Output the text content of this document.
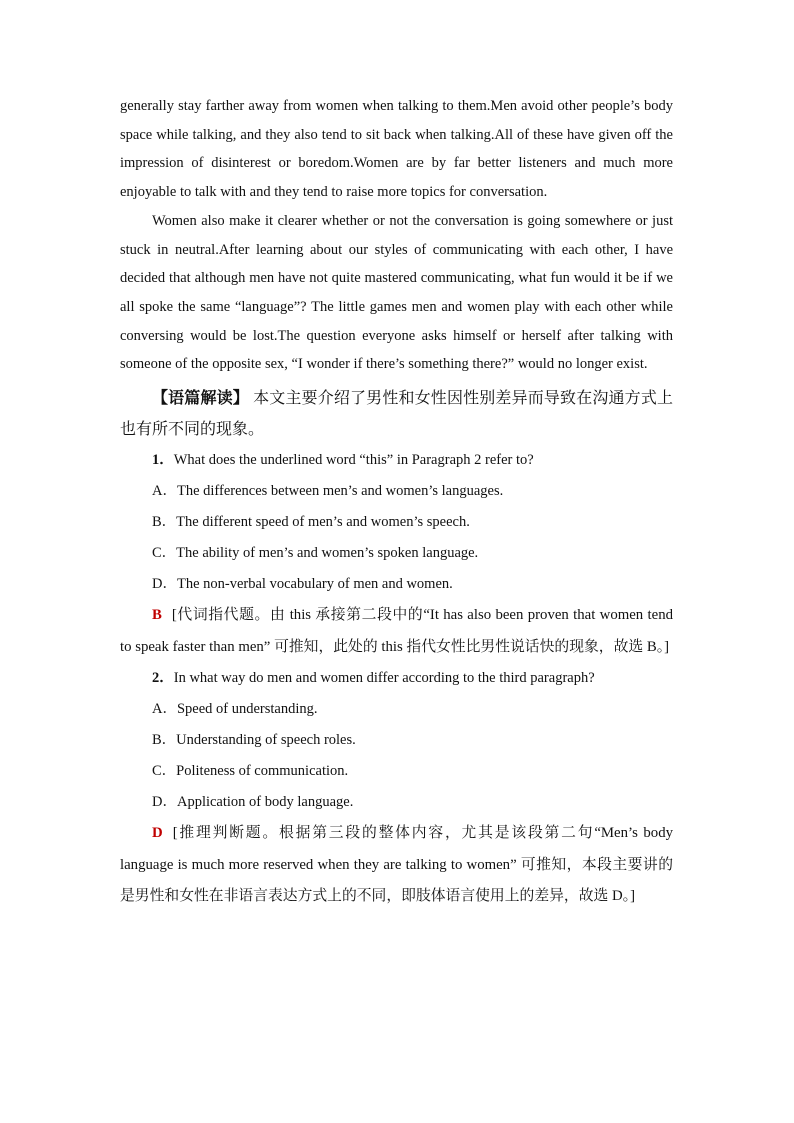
generally stay farther away from women when talking to them.Men avoid other people’s body space while talking, and they also tend to sit back when talking.All of these have given off the impression of disinterest or boredom.Women are by far better listeners and much more enjoyable to talk with and they tend to raise more topics for conversation.

Women also make it clearer whether or not the conversation is going somewhere or just stuck in neutral.After learning about our styles of communicating with each other, I have decided that although men have not quite mastered communicating, what fun would it be if we all spoke the same “language”? The little games men and women play with each other while conversing would be lost.The question everyone asks himself or herself after talking with someone of the opposite sex, “I wonder if there’s something there?” would no longer exist.

【语篇解读】 本文主要介绍了男性和女性因性别差异而导致在沟通方式上也有所不同的现象。

1．What does the underlined word “this” in Paragraph 2 refer to?

A．The differences between men’s and women’s languages.

B．The different speed of men’s and women’s speech.

C．The ability of men’s and women’s spoken language.

D．The non-verbal vocabulary of men and women.

B [代词指代题。由 this 承接第二段中的“It has also been proven that women tend to speak faster than men” 可推知，此处的 this 指代女性比男性说话快的现象，故选 B。]

2．In what way do men and women differ according to the third paragraph?

A．Speed of understanding.

B．Understanding of speech roles.

C．Politeness of communication.

D．Application of body language.

D [推理判断题。根据第三段的整体内容，尤其是该段第二句“Men’s body language is much more reserved when they are talking to women” 可推知，本段主要讲的是男性和女性在非语言表达方式上的不同，即肢体语言使用上的差异，故选 D。]
